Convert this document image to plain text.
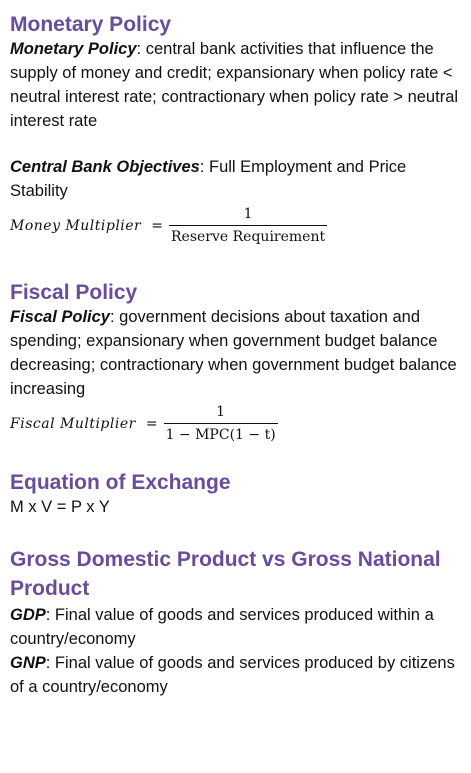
Monetary Policy

Monetary Policy: central bank activities that influence the supply of money and credit; expansionary when policy rate < neutral interest rate; contractionary when policy rate > neutral interest rate

Central Bank Objectives: Full Employment and Price Stability

Money Multiplier = $\frac{1}{\text{Reserve Requirement}}$
Fiscal Policy

Fiscal Policy: government decisions about taxation and spending; expansionary when government budget balance decreasing; contractionary when government budget balance increasing

Fiscal Multiplier = $\frac{1}{\text{1 − MPC(1 − t)}}$
Equation of Exchange

M x V = P x Y

Gross Domestic Product vs Gross National Product

GDP: Final value of goods and services produced within a country/economy

GNP: Final value of goods and services produced by citizens of a country/economy
